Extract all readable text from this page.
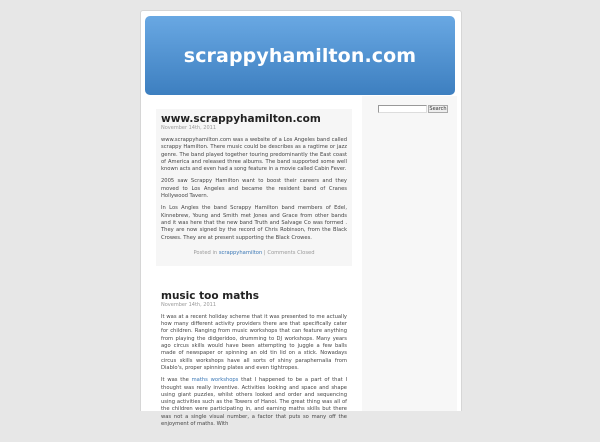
scrappyhamilton.com
Search
www.scrappyhamilton.com
November 14th, 2011

www.scrappyhamilton.com was a website of a Los Angeles band called scrappy Hamilton. There music could be describes as a ragtime or jazz genre. The band played together touring predominantly the East coast of America and released three albums. The band supported some well known acts and even had a song feature in a movie called Cabin Fever.

2005 saw Scrappy Hamilton want to boost their careers and they moved to Los Angeles and became the resident band of Cranes Hollywood Tavern.

In Los Angles the band Scrappy Hamilton band members of Edel, Kinnebrew, Young and Smith met Jones and Grace from other bands and it was here that the new band Truth and Salvage Co was formed . They are now signed by the record of Chris Robinson, from the Black Crowes. They are at present supporting the Black Crowes.

Posted in scrappyhamilton | Comments Closed
music too maths
November 14th, 2011

It was at a recent holiday scheme that it was presented to me actually how many different activity providers there are that specifically cater for children. Ranging from music workshops that can feature anything from playing the didgeridoo, drumming to DJ workshops. Many years ago circus skills would have been attempting to juggle a few balls made of newspaper or spinning an old tin lid on a stick. Nowadays circus skills workshops have all sorts of shiny paraphernalia from Diablo's, proper spinning plates and even tightropes.

It was the maths workshops that I happened to be a part of that I thought was really inventive. Activities looking and space and shape using giant puzzles, whilst others looked and order and sequencing using activities such as the Towers of Hanoi. The great thing was all of the children were participating in, and earning maths skills but there was not a single visual number, a factor that puts so many off the enjoyment of maths. With
